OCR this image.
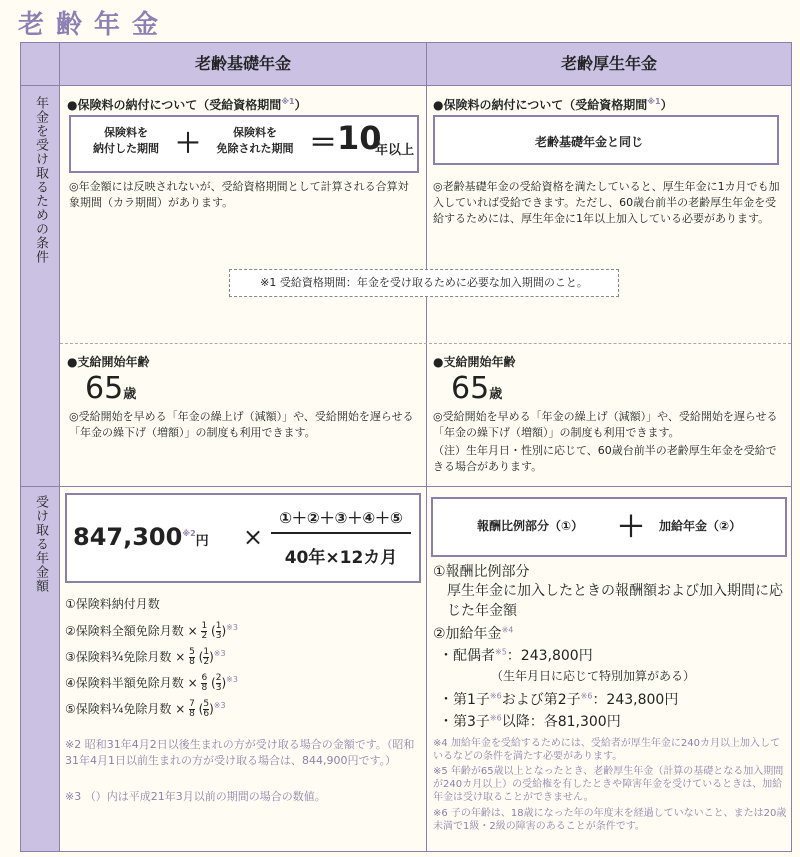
老齢年金
老齢基礎年金	老齢厚生年金
年金を受け取るための条件
受け取る年金額
●保険料の納付について（受給資格期間$^{※1}$）
保険料を
納付した期間 ＋	保険料を
免除された期間 ＝ 10
年以上
◎年金額には反映されないが、受給資格期間として計算される合算対象期間（カラ期間）があります。
●保険料の納付について（受給資格期間$^{※1}$）
老齢基礎年金と同じ
◎老齢基礎年金の受給資格を満たしていると、厚生年金に1カ月でも加入していれば受給できます。ただし、60歳台前半の老齢厚生年金を受給するためには、厚生年金に1年以上加入している必要があります。
※1 受給資格期間：年金を受け取るために必要な加入期間のこと。
●支給開始年齢
65歳
◎受給開始を早める「年金の繰上げ（減額）」や、受給開始を遅らせる「年金の繰下げ（増額）」の制度も利用できます。
●支給開始年齢
65歳
◎受給開始を早める「年金の繰上げ（減額）」や、受給開始を遅らせる「年金の繰下げ（増額）」の制度も利用できます。
（注）生年月日・性別に応じて、60歳台前半の老齢厚生年金を受給できる場合があります。
847,300$^{※2}$円 ×
①＋②＋③＋④＋⑤
40年×12カ月
①保険料納付月数
②保険料全額免除月数 × $\frac{1}{2}$ ( $\frac{1}{3} )^{※3}$
③保険料¾免除月数 × $\frac{5}{8}$ ( $\frac{1}{2} )^{※3}$
④保険料半額免除月数 × $\frac{6}{8}$ ( $\frac{2}{3} )^{※3}$
⑤保険料¼免除月数 × $\frac{7}{8}$ ( $\frac{5}{6} )^{※3}$
※2 昭和31年4月2日以後生まれの方が受け取る場合の金額です。（昭和31年4月1日以前生まれの方が受け取る場合は、844,900円です。）
※3 （）内は平成21年3月以前の期間の場合の数値。
報酬比例部分（①） ＋ 加給年金（②）
①報酬比例部分
厚生年金に加入したときの報酬額および加入期間に応じた年金額
②加給年金$^{※4}$
・配偶者$^{※5}$：243,800円
（生年月日に応じて特別加算がある）
・第1子$^{※6}$および第2子$^{※6}$：243,800円
・第3子$^{※6}$以降：各81,300円
※4 加給年金を受給するためには、受給者が厚生年金に240カ月以上加入しているなどの条件を満たす必要があります。
※5 年齢が65歳以上となったとき、老齢厚生年金（計算の基礎となる加入期間が240カ月以上）の受給権を有したときや障害年金を受けているときは、加給年金は受け取ることができません。
※6 子の年齢は、18歳になった年の年度末を経過していないこと、または20歳未満で1級・2級の障害のあることが条件です。
